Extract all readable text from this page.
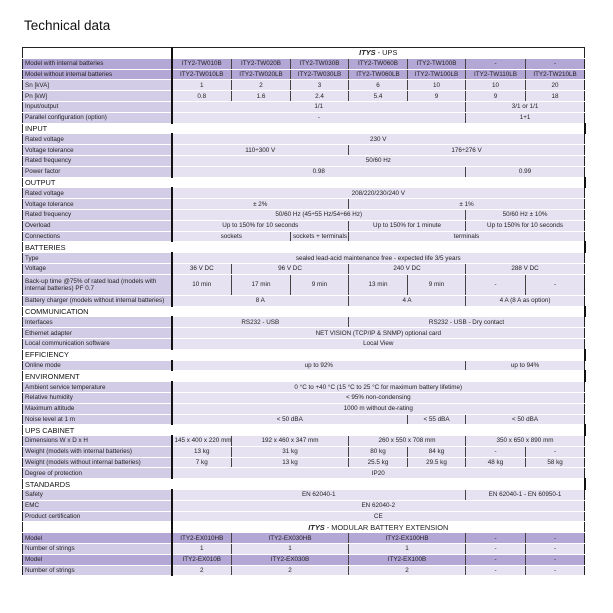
Technical data
	ITYS - UPS						
Model with internal batteries	ITY2-TW010B	ITY2-TW020B	ITY2-TW030B	ITY2-TW060B	ITY2-TW100B	-	-
Model without internal batteries	ITY2-TW010LB	ITY2-TW020LB	ITY2-TW030LB	ITY2-TW060LB	ITY2-TW100LB	ITY2-TW110LB	ITY2-TW210LB
Sn [kVA]	1	2	3	6	10	10	20
Pn [kW]	0.8	1.6	2.4	5.4	9	9	18
Input/output	1/1					3/1 or 1/1	
Parallel configuration (option)	-					1+1	
INPUT							
Rated voltage	230 V						
Voltage tolerance	110÷300 V			176÷276 V			
Rated frequency	50/60 Hz						
Power factor	0.98					0.99	
OUTPUT							
Rated voltage	208/220/230/240 V						
Voltage tolerance	± 2%			± 1%			
Rated frequency	50/60 Hz (45÷55 Hz/54÷66 Hz)					50/60 Hz ± 10%	
Overload	Up to 150% for 10 seconds			Up to 150% for 1 minute		Up to 150% for 10 seconds	
Connections	sockets		sockets + terminals	terminals			
BATTERIES							
Type	sealed lead-acid maintenance free - expected life 3/5 years						
Voltage	36 V DC	96 V DC		240 V DC		288 V DC	
Back-up time @75% of rated load (models with internal batteries) PF 0.7	10 min	17 min	9 min	13 min	9 min	-	-
Battery charger (models without internal batteries)	8 A			4 A		4 A (8 A as option)	
COMMUNICATION							
Interfaces	RS232 - USB			RS232 - USB - Dry contact			
Ethernet adapter	NET VISION (TCP/IP & SNMP) optional card						
Local communication software	Local View						
EFFICIENCY							
Online mode	up to 92%					up to 94%	
ENVIRONMENT							
Ambient service temperature	0 °C to +40 °C (15 °C to 25 °C for maximum battery lifetime)						
Relative humidity	< 95% non-condensing						
Maximum altitude	1000 m without de-rating						
Noise level at 1 m	< 50 dBA				< 55 dBA	< 50 dBA	
UPS CABINET							
Dimensions W x D x H	145 x 400 x 220 mm	192 x 460 x 347 mm		260 x 550 x 708 mm		350 x 650 x 890 mm	
Weight (models with internal batteries)	13 kg	31 kg		80 kg	84 kg	-	-
Weight (models without internal batteries)	7 kg	13 kg		25.5 kg	29.5 kg	48 kg	58 kg
Degree of protection	IP20						
STANDARDS							
Safety	EN 62040-1					EN 62040-1 - EN 60950-1	
EMC	EN 62040-2						
Product certification	CE						
	ITYS - MODULAR BATTERY EXTENSION						
Model	ITY2-EX010HB	ITY2-EX030HB		ITY2-EX100HB		-	-
Number of strings	1	1		1		-	-
Model	ITY2-EX010B	ITY2-EX030B		ITY2-EX100B		-	-
Number of strings	2	2		2		-	-
